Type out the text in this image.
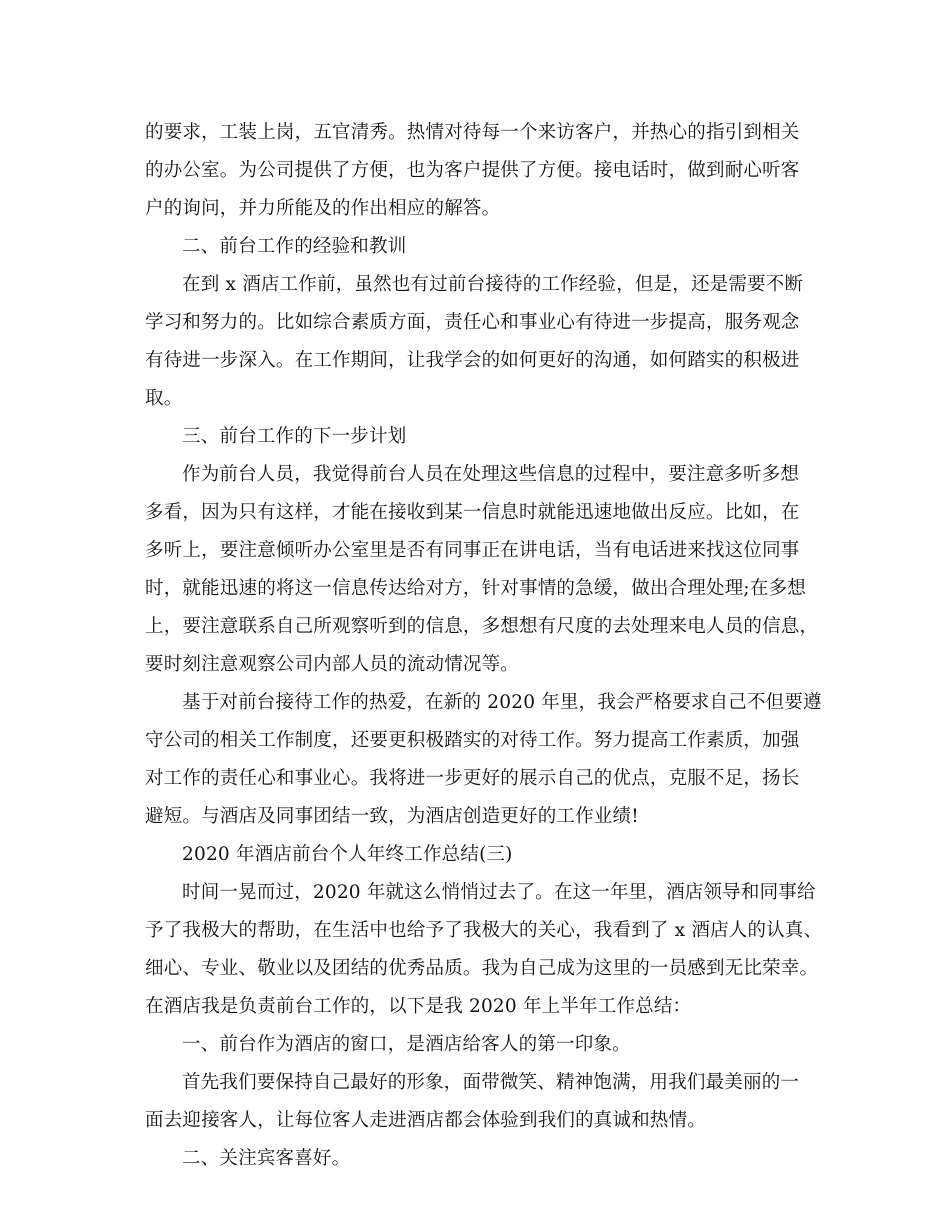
的要求，工装上岗，五官清秀。热情对待每一个来访客户，并热心的指引到相关
的办公室。为公司提供了方便，也为客户提供了方便。接电话时，做到耐心听客
户的询问，并力所能及的作出相应的解答。
二、前台工作的经验和教训
在到 x 酒店工作前，虽然也有过前台接待的工作经验，但是，还是需要不断
学习和努力的。比如综合素质方面，责任心和事业心有待进一步提高，服务观念
有待进一步深入。在工作期间，让我学会的如何更好的沟通，如何踏实的积极进
取。
三、前台工作的下一步计划
作为前台人员，我觉得前台人员在处理这些信息的过程中，要注意多听多想
多看，因为只有这样，才能在接收到某一信息时就能迅速地做出反应。比如，在
多听上，要注意倾听办公室里是否有同事正在讲电话，当有电话进来找这位同事
时，就能迅速的将这一信息传达给对方，针对事情的急缓，做出合理处理;在多想
上，要注意联系自己所观察听到的信息，多想想有尺度的去处理来电人员的信息，
要时刻注意观察公司内部人员的流动情况等。
基于对前台接待工作的热爱，在新的 2020 年里，我会严格要求自己不但要遵
守公司的相关工作制度，还要更积极踏实的对待工作。努力提高工作素质，加强
对工作的责任心和事业心。我将进一步更好的展示自己的优点，克服不足，扬长
避短。与酒店及同事团结一致，为酒店创造更好的工作业绩!
2020 年酒店前台个人年终工作总结(三)
时间一晃而过，2020 年就这么悄悄过去了。在这一年里，酒店领导和同事给
予了我极大的帮助，在生活中也给予了我极大的关心，我看到了 x 酒店人的认真、
细心、专业、敬业以及团结的优秀品质。我为自己成为这里的一员感到无比荣幸。
在酒店我是负责前台工作的，以下是我 2020 年上半年工作总结：
一、前台作为酒店的窗口，是酒店给客人的第一印象。
首先我们要保持自己最好的形象，面带微笑、精神饱满，用我们最美丽的一
面去迎接客人，让每位客人走进酒店都会体验到我们的真诚和热情。
二、关注宾客喜好。
